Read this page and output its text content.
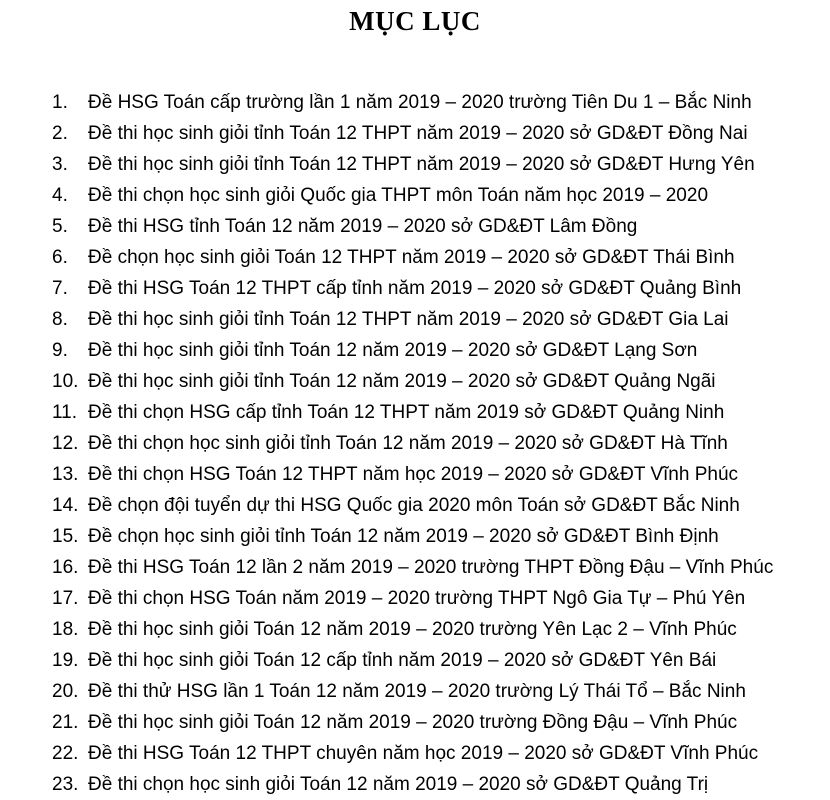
MỤC LỤC
1. Đề HSG Toán cấp trường lần 1 năm 2019 – 2020 trường Tiên Du 1 – Bắc Ninh
2. Đề thi học sinh giỏi tỉnh Toán 12 THPT năm 2019 – 2020 sở GD&ĐT Đồng Nai
3. Đề thi học sinh giỏi tỉnh Toán 12 THPT năm 2019 – 2020 sở GD&ĐT Hưng Yên
4. Đề thi chọn học sinh giỏi Quốc gia THPT môn Toán năm học 2019 – 2020
5. Đề thi HSG tỉnh Toán 12 năm 2019 – 2020 sở GD&ĐT Lâm Đồng
6. Đề chọn học sinh giỏi Toán 12 THPT năm 2019 – 2020 sở GD&ĐT Thái Bình
7. Đề thi HSG Toán 12 THPT cấp tỉnh năm 2019 – 2020 sở GD&ĐT Quảng Bình
8. Đề thi học sinh giỏi tỉnh Toán 12 THPT năm 2019 – 2020 sở GD&ĐT Gia Lai
9. Đề thi học sinh giỏi tỉnh Toán 12 năm 2019 – 2020 sở GD&ĐT Lạng Sơn
10. Đề thi học sinh giỏi tỉnh Toán 12 năm 2019 – 2020 sở GD&ĐT Quảng Ngãi
11. Đề thi chọn HSG cấp tỉnh Toán 12 THPT năm 2019 sở GD&ĐT Quảng Ninh
12. Đề thi chọn học sinh giỏi tỉnh Toán 12 năm 2019 – 2020 sở GD&ĐT Hà Tĩnh
13. Đề thi chọn HSG Toán 12 THPT năm học 2019 – 2020 sở GD&ĐT Vĩnh Phúc
14. Đề chọn đội tuyển dự thi HSG Quốc gia 2020 môn Toán sở GD&ĐT Bắc Ninh
15. Đề chọn học sinh giỏi tỉnh Toán 12 năm 2019 – 2020 sở GD&ĐT Bình Định
16. Đề thi HSG Toán 12 lần 2 năm 2019 – 2020 trường THPT Đồng Đậu – Vĩnh Phúc
17. Đề thi chọn HSG Toán năm 2019 – 2020 trường THPT Ngô Gia Tự – Phú Yên
18. Đề thi học sinh giỏi Toán 12 năm 2019 – 2020 trường Yên Lạc 2 – Vĩnh Phúc
19. Đề thi học sinh giỏi Toán 12 cấp tỉnh năm 2019 – 2020 sở GD&ĐT Yên Bái
20. Đề thi thử HSG lần 1 Toán 12 năm 2019 – 2020 trường Lý Thái Tổ – Bắc Ninh
21. Đề thi học sinh giỏi Toán 12 năm 2019 – 2020 trường Đồng Đậu – Vĩnh Phúc
22. Đề thi HSG Toán 12 THPT chuyên năm học 2019 – 2020 sở GD&ĐT Vĩnh Phúc
23. Đề thi chọn học sinh giỏi Toán 12 năm 2019 – 2020 sở GD&ĐT Quảng Trị
